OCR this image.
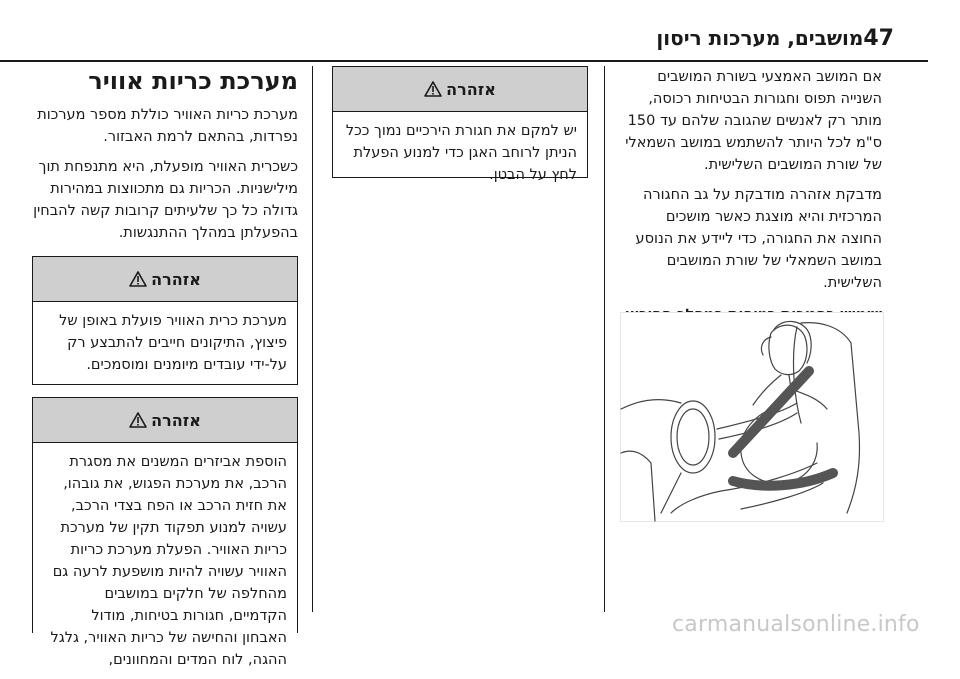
מושבים, מערכות ריסון 47

אם המושב האמצעי בשורת המושבים השנייה תפוס וחגורות הבטיחות רכוסה, מותר רק לאנשים שהגובה שלהם עד 150 ס"מ לכל היותר להשתמש במושב השמאלי של שורת המושבים השלישית.

מדבקת אזהרה מודבקת על גב החגורה המרכזית והיא מוצגת כאשר מושכים החוצה את החגורה, כדי ליידע את הנוסע במושב השמאלי של שורת המושבים השלישית.

אזהרה

יש למקם את חגורת הירכיים נמוך ככל הניתן לרוחב האגן כדי למנוע הפעלת לחץ על הבטן.

מערכת כריות אוויר

מערכת כריות האוויר כוללת מספר מערכות נפרדות, בהתאם לרמת האבזור.

כשכרית האוויר מופעלת, היא מתנפחת תוך מילישניות. הכריות גם מתכווצות במהירות גדולה כל כך שלעיתים קרובות קשה להבחין בהפעלתן במהלך ההתנגשות.

אזהרה

מערכת כרית האוויר פועלת באופן של פיצוץ, התיקונים חייבים להתבצע רק על-ידי עובדים מיומנים ומוסמכים.

אזהרה

הוספת אביזרים המשנים את מסגרת הרכב, את מערכת הפגוש, את גובהו, את חזית הרכב או הפח בצדי הרכב, עשויה למנוע תפקוד תקין של מערכת כריות האוויר. הפעלת מערכת כריות האוויר עשויה להיות מושפעת לרעה גם מהחלפה של חלקים במושבים הקדמיים, חגורות בטיחות, מודול האבחון והחישה של כריות האוויר, גלגל ההגה, לוח המדים והמחוונים,

carmanualsonline.info
